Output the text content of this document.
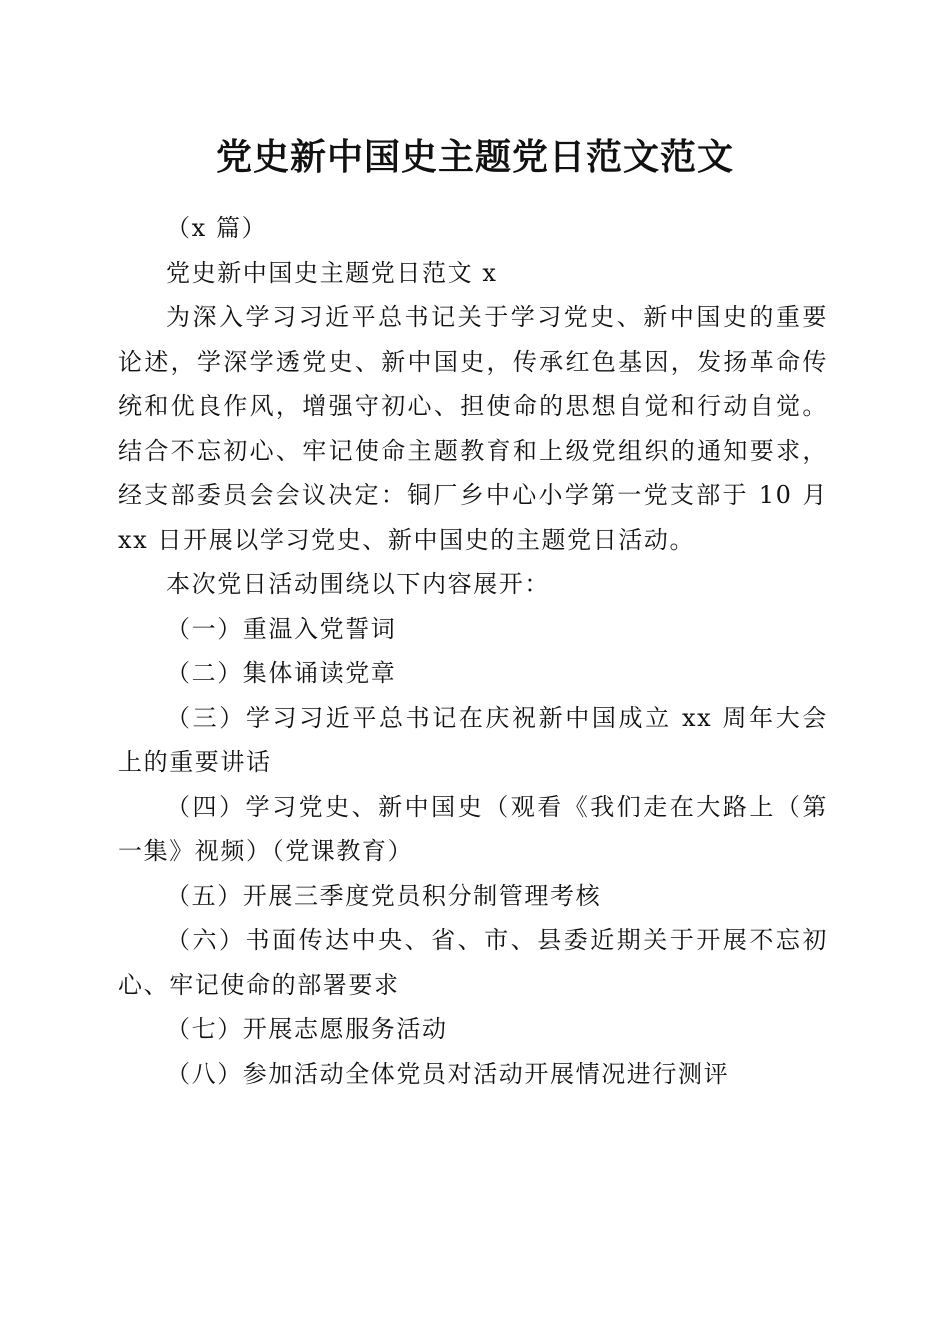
党史新中国史主题党日范文范文

（x 篇）

党史新中国史主题党日范文 x

为深入学习习近平总书记关于学习党史、新中国史的重要论述，学深学透党史、新中国史，传承红色基因，发扬革命传统和优良作风，增强守初心、担使命的思想自觉和行动自觉。结合不忘初心、牢记使命主题教育和上级党组织的通知要求，经支部委员会会议决定：铜厂乡中心小学第一党支部于 10 月 xx 日开展以学习党史、新中国史的主题党日活动。

本次党日活动围绕以下内容展开：

（一）重温入党誓词

（二）集体诵读党章

（三）学习习近平总书记在庆祝新中国成立 xx 周年大会上的重要讲话

（四）学习党史、新中国史（观看《我们走在大路上（第一集》视频）（党课教育）

（五）开展三季度党员积分制管理考核

（六）书面传达中央、省、市、县委近期关于开展不忘初心、牢记使命的部署要求

（七）开展志愿服务活动

（八）参加活动全体党员对活动开展情况进行测评
